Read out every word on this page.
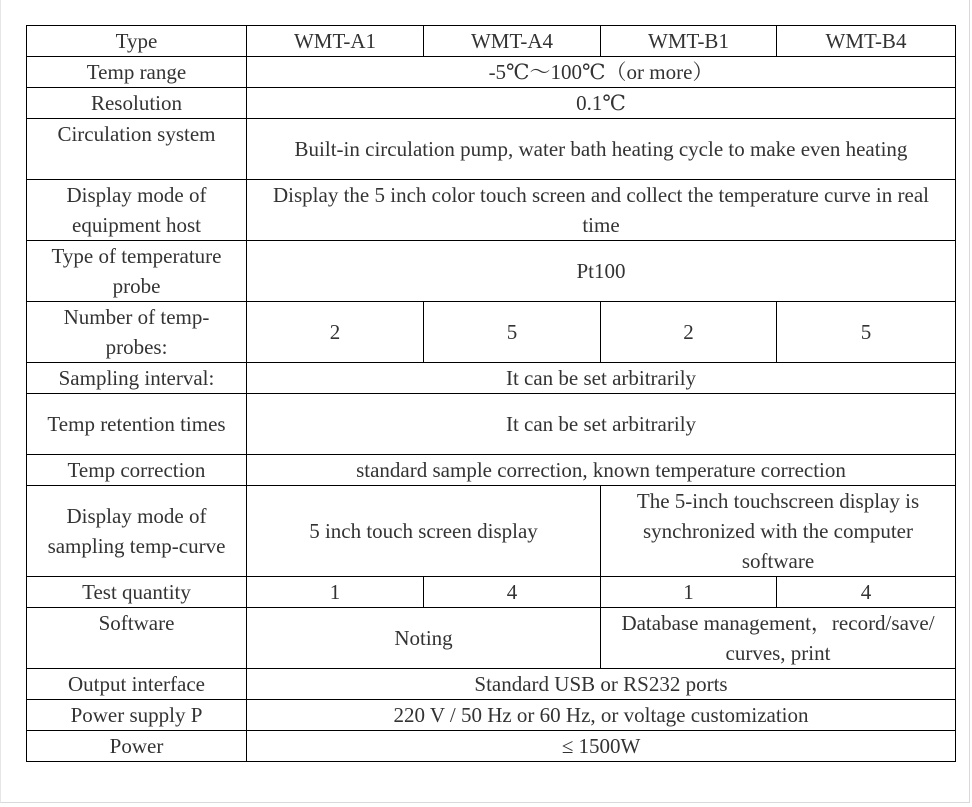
Type	WMT-A1	WMT-A4	WMT-B1	WMT-B4
Temp range	-5℃～100℃（or more）			
Resolution	0.1℃			
Circulation system	Built-in circulation pump, water bath heating cycle to make even heating			
Display mode of equipment host	Display the 5 inch color touch screen and collect the temperature curve in real time			
Type of temperature probe	Pt100			
Number of temp-probes:	2	5	2	5
Sampling interval:	It can be set arbitrarily			
Temp retention times	It can be set arbitrarily			
Temp correction	standard sample correction, known temperature correction			
Display mode of sampling temp-curve	5 inch touch screen display		The 5-inch touchscreen display is synchronized with the computer software	
Test quantity	1	4	1	4
Software	Noting		Database management，record/save/ curves, print	
Output interface	Standard USB or RS232 ports			
Power supply P	220 V / 50 Hz or 60 Hz, or voltage customization			
Power	≤ 1500W			
